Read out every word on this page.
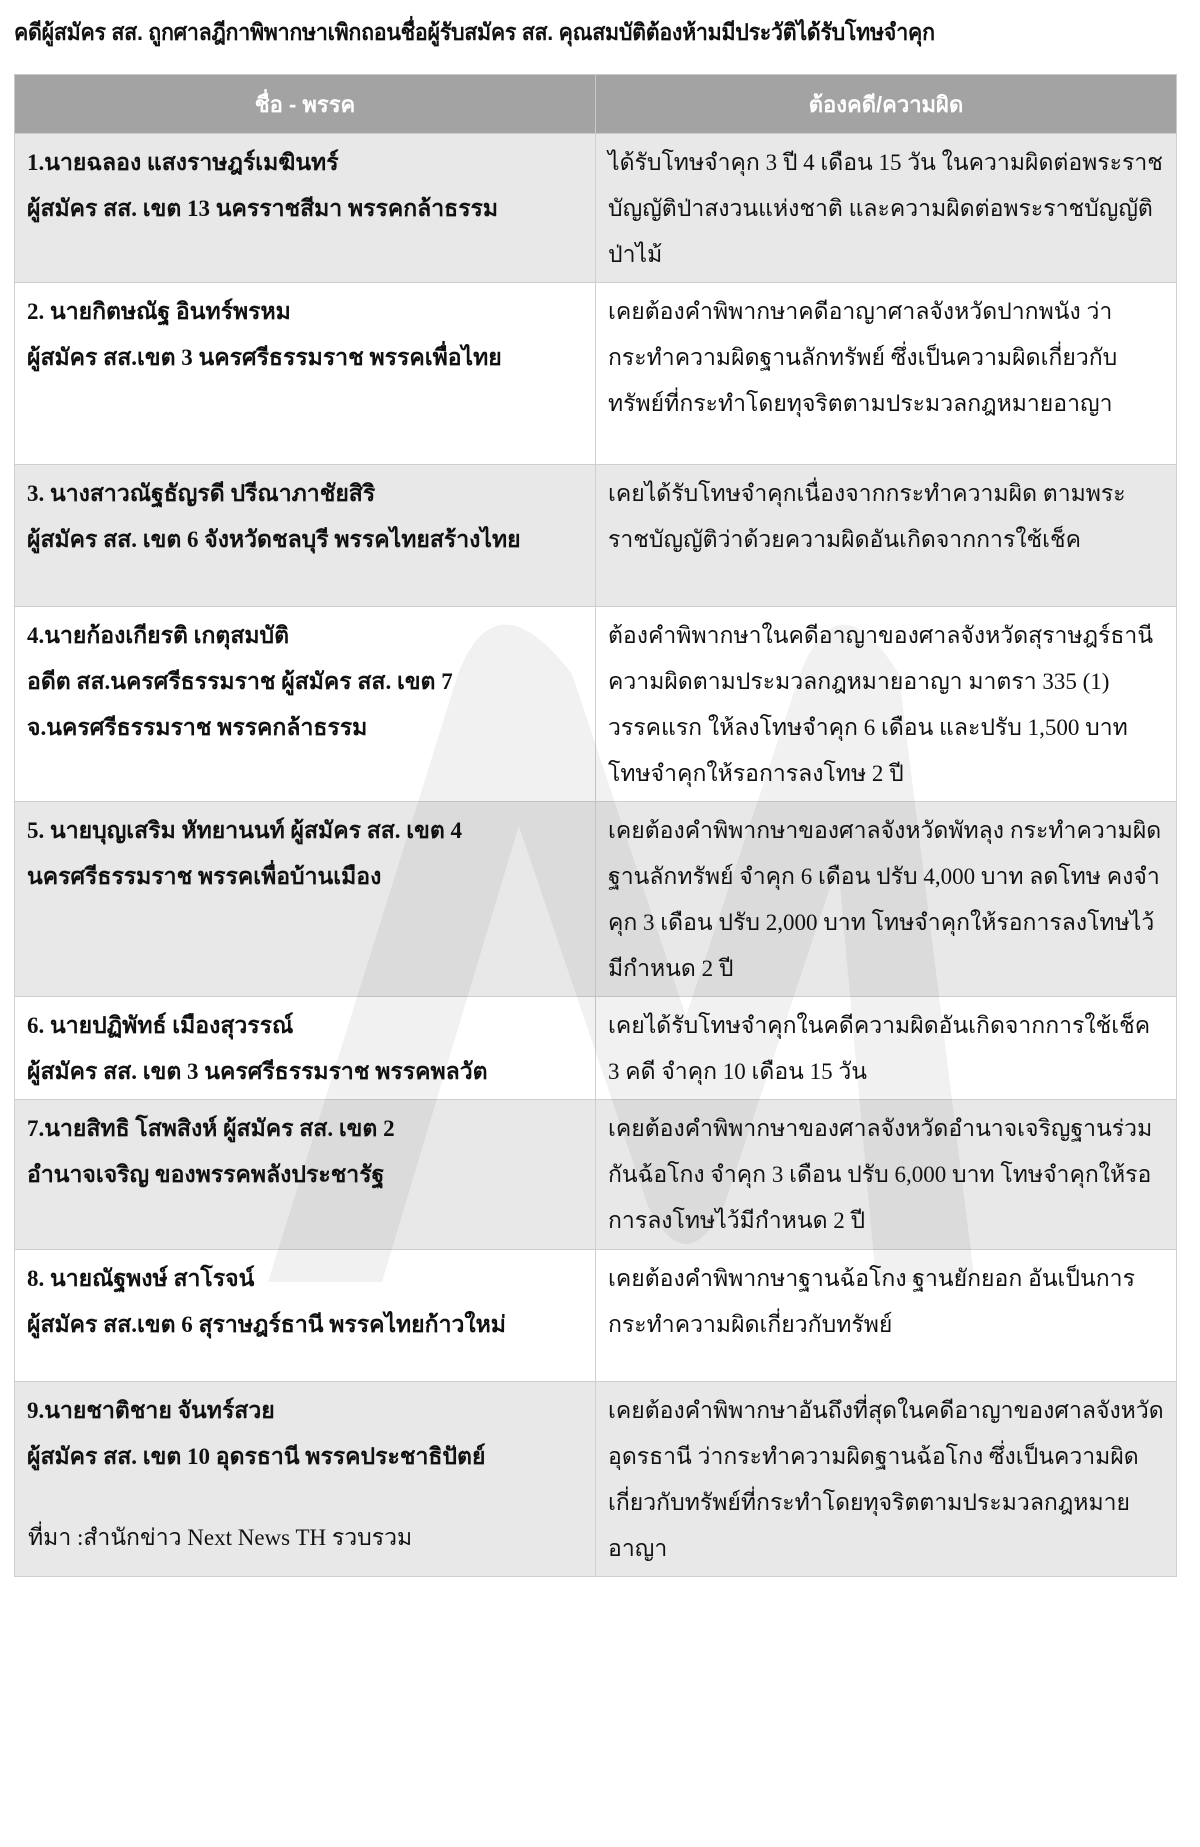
คดีผู้สมัคร สส. ถูกศาลฎีกาพิพากษาเพิกถอนชื่อผู้รับสมัคร สส. คุณสมบัติต้องห้ามมีประวัติได้รับโทษจำคุก
ชื่อ - พรรค	ต้องคดี/ความผิด

1.นายฉลอง แสงราษฎร์เมฆินทร์
ผู้สมัคร สส. เขต 13 นครราชสีมา พรรคกล้าธรรม	ได้รับโทษจำคุก 3 ปี 4 เดือน 15 วัน ในความผิดต่อพระราชบัญญัติป่าสงวนแห่งชาติ และความผิดต่อพระราชบัญญัติป่าไม้

2. นายกิตษณัฐ อินทร์พรหม
ผู้สมัคร สส.เขต 3 นครศรีธรรมราช พรรคเพื่อไทย	เคยต้องคำพิพากษาคดีอาญาศาลจังหวัดปากพนัง ว่ากระทำความผิดฐานลักทรัพย์ ซึ่งเป็นความผิดเกี่ยวกับทรัพย์ที่กระทำโดยทุจริตตามประมวลกฎหมายอาญา

3. นางสาวณัฐธัญรดี ปรีณาภาชัยสิริ
ผู้สมัคร สส. เขต 6 จังหวัดชลบุรี พรรคไทยสร้างไทย	เคยได้รับโทษจำคุกเนื่องจากกระทำความผิด ตามพระราชบัญญัติว่าด้วยความผิดอันเกิดจากการใช้เช็ค

4.นายก้องเกียรติ เกตุสมบัติ
อดีต สส.นครศรีธรรมราช ผู้สมัคร สส. เขต 7 จ.นครศรีธรรมราช พรรคกล้าธรรม	ต้องคำพิพากษาในคดีอาญาของศาลจังหวัดสุราษฎร์ธานี ความผิดตามประมวลกฎหมายอาญา มาตรา 335 (1) วรรคแรก ให้ลงโทษจำคุก 6 เดือน และปรับ 1,500 บาท โทษจำคุกให้รอการลงโทษ 2 ปี

5. นายบุญเสริม หัทยานนท์ ผู้สมัคร สส. เขต 4
นครศรีธรรมราช พรรคเพื่อบ้านเมือง	เคยต้องคำพิพากษาของศาลจังหวัดพัทลุง กระทำความผิดฐานลักทรัพย์ จำคุก 6 เดือน ปรับ 4,000 บาท ลดโทษ คงจำคุก 3 เดือน ปรับ 2,000 บาท โทษจำคุกให้รอการลงโทษไว้มีกำหนด 2 ปี

6. นายปฏิพัทธ์ เมืองสุวรรณ์
ผู้สมัคร สส. เขต 3 นครศรีธรรมราช พรรคพลวัต	เคยได้รับโทษจำคุกในคดีความผิดอันเกิดจากการใช้เช็ค 3 คดี จำคุก 10 เดือน 15 วัน

7.นายสิทธิ โสพสิงห์ ผู้สมัคร สส. เขต 2
อำนาจเจริญ ของพรรคพลังประชารัฐ	เคยต้องคำพิพากษาของศาลจังหวัดอำนาจเจริญฐานร่วมกันฉ้อโกง จำคุก 3 เดือน ปรับ 6,000 บาท โทษจำคุกให้รอการลงโทษไว้มีกำหนด 2 ปี

8. นายณัฐพงษ์ สาโรจน์
ผู้สมัคร สส.เขต 6 สุราษฎร์ธานี พรรคไทยก้าวใหม่	เคยต้องคำพิพากษาฐานฉ้อโกง ฐานยักยอก อันเป็นการกระทำความผิดเกี่ยวกับทรัพย์

9.นายชาติชาย จันทร์สวย
ผู้สมัคร สส. เขต 10 อุดรธานี พรรคประชาธิปัตย์	เคยต้องคำพิพากษาอันถึงที่สุดในคดีอาญาของศาลจังหวัดอุดรธานี ว่ากระทำความผิดฐานฉ้อโกง ซึ่งเป็นความผิดเกี่ยวกับทรัพย์ที่กระทำโดยทุจริตตามประมวลกฎหมายอาญา
ที่มา :สำนักข่าว Next News TH รวบรวม
